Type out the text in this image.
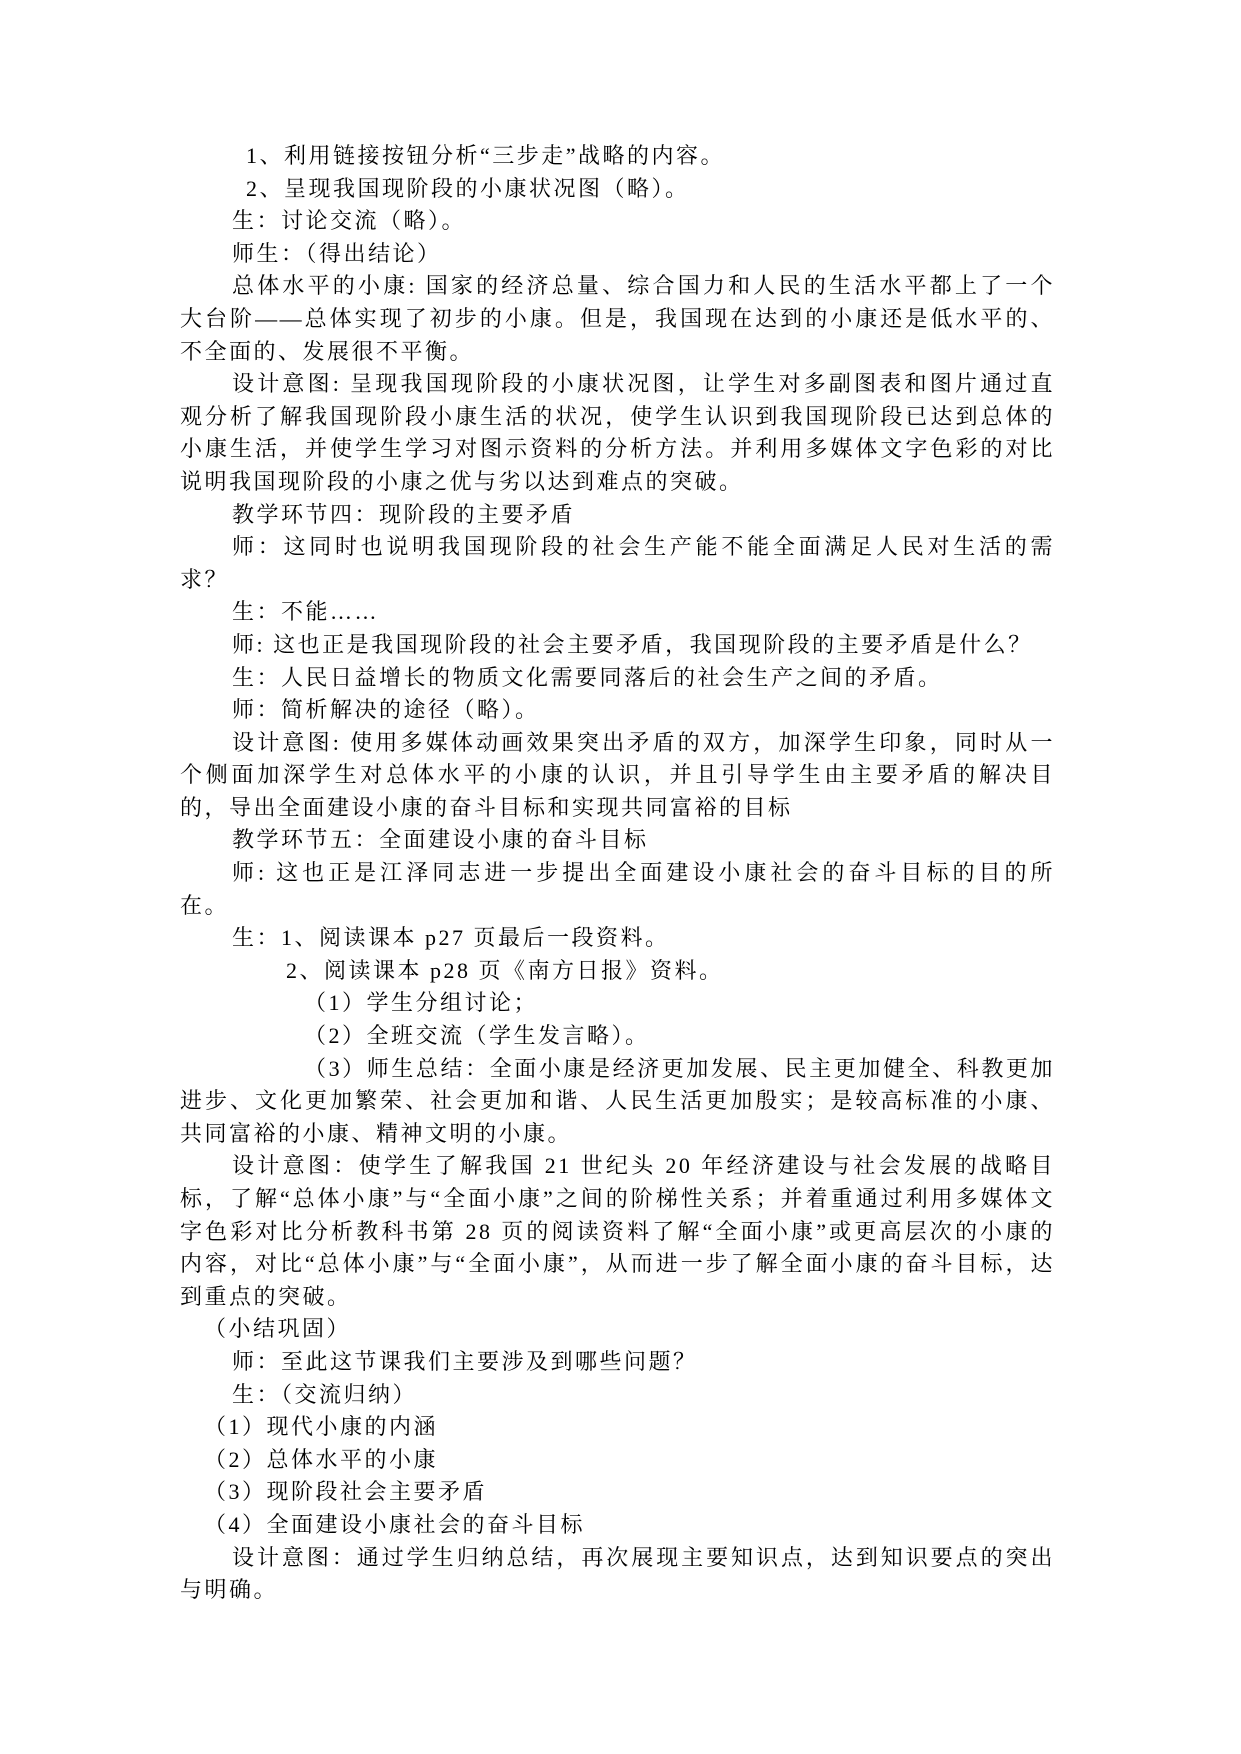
1、利用链接按钮分析“三步走”战略的内容。

2、呈现我国现阶段的小康状况图（略）。

生：讨论交流（略）。

师生：（得出结论）

总体水平的小康: 国家的经济总量、综合国力和人民的生活水平都上了一个大台阶——总体实现了初步的小康。但是，我国现在达到的小康还是低水平的、不全面的、发展很不平衡。

设计意图: 呈现我国现阶段的小康状况图，让学生对多副图表和图片通过直观分析了解我国现阶段小康生活的状况，使学生认识到我国现阶段已达到总体的小康生活，并使学生学习对图示资料的分析方法。并利用多媒体文字色彩的对比说明我国现阶段的小康之优与劣以达到难点的突破。

教学环节四：现阶段的主要矛盾

师：这同时也说明我国现阶段的社会生产能不能全面满足人民对生活的需求？

生：不能……

师: 这也正是我国现阶段的社会主要矛盾，我国现阶段的主要矛盾是什么？

生：人民日益增长的物质文化需要同落后的社会生产之间的矛盾。

师：简析解决的途径（略）。

设计意图: 使用多媒体动画效果突出矛盾的双方，加深学生印象，同时从一个侧面加深学生对总体水平的小康的认识，并且引导学生由主要矛盾的解决目的，导出全面建设小康的奋斗目标和实现共同富裕的目标

教学环节五：全面建设小康的奋斗目标

师: 这也正是江泽同志进一步提出全面建设小康社会的奋斗目标的目的所在。

生：1、阅读课本 p27 页最后一段资料。

2、阅读课本 p28 页《南方日报》资料。

（1）学生分组讨论；

（2）全班交流（学生发言略）。

（3）师生总结：全面小康是经济更加发展、民主更加健全、科教更加进步、文化更加繁荣、社会更加和谐、人民生活更加殷实；是较高标准的小康、共同富裕的小康、精神文明的小康。

设计意图：使学生了解我国 21 世纪头 20 年经济建设与社会发展的战略目标，了解“总体小康”与“全面小康”之间的阶梯性关系；并着重通过利用多媒体文字色彩对比分析教科书第 28 页的阅读资料了解“全面小康”或更高层次的小康的内容，对比“总体小康”与“全面小康”，从而进一步了解全面小康的奋斗目标，达到重点的突破。

（小结巩固）

师：至此这节课我们主要涉及到哪些问题？

生：（交流归纳）

（1）现代小康的内涵

（2）总体水平的小康

（3）现阶段社会主要矛盾

（4）全面建设小康社会的奋斗目标

设计意图：通过学生归纳总结，再次展现主要知识点，达到知识要点的突出与明确。
